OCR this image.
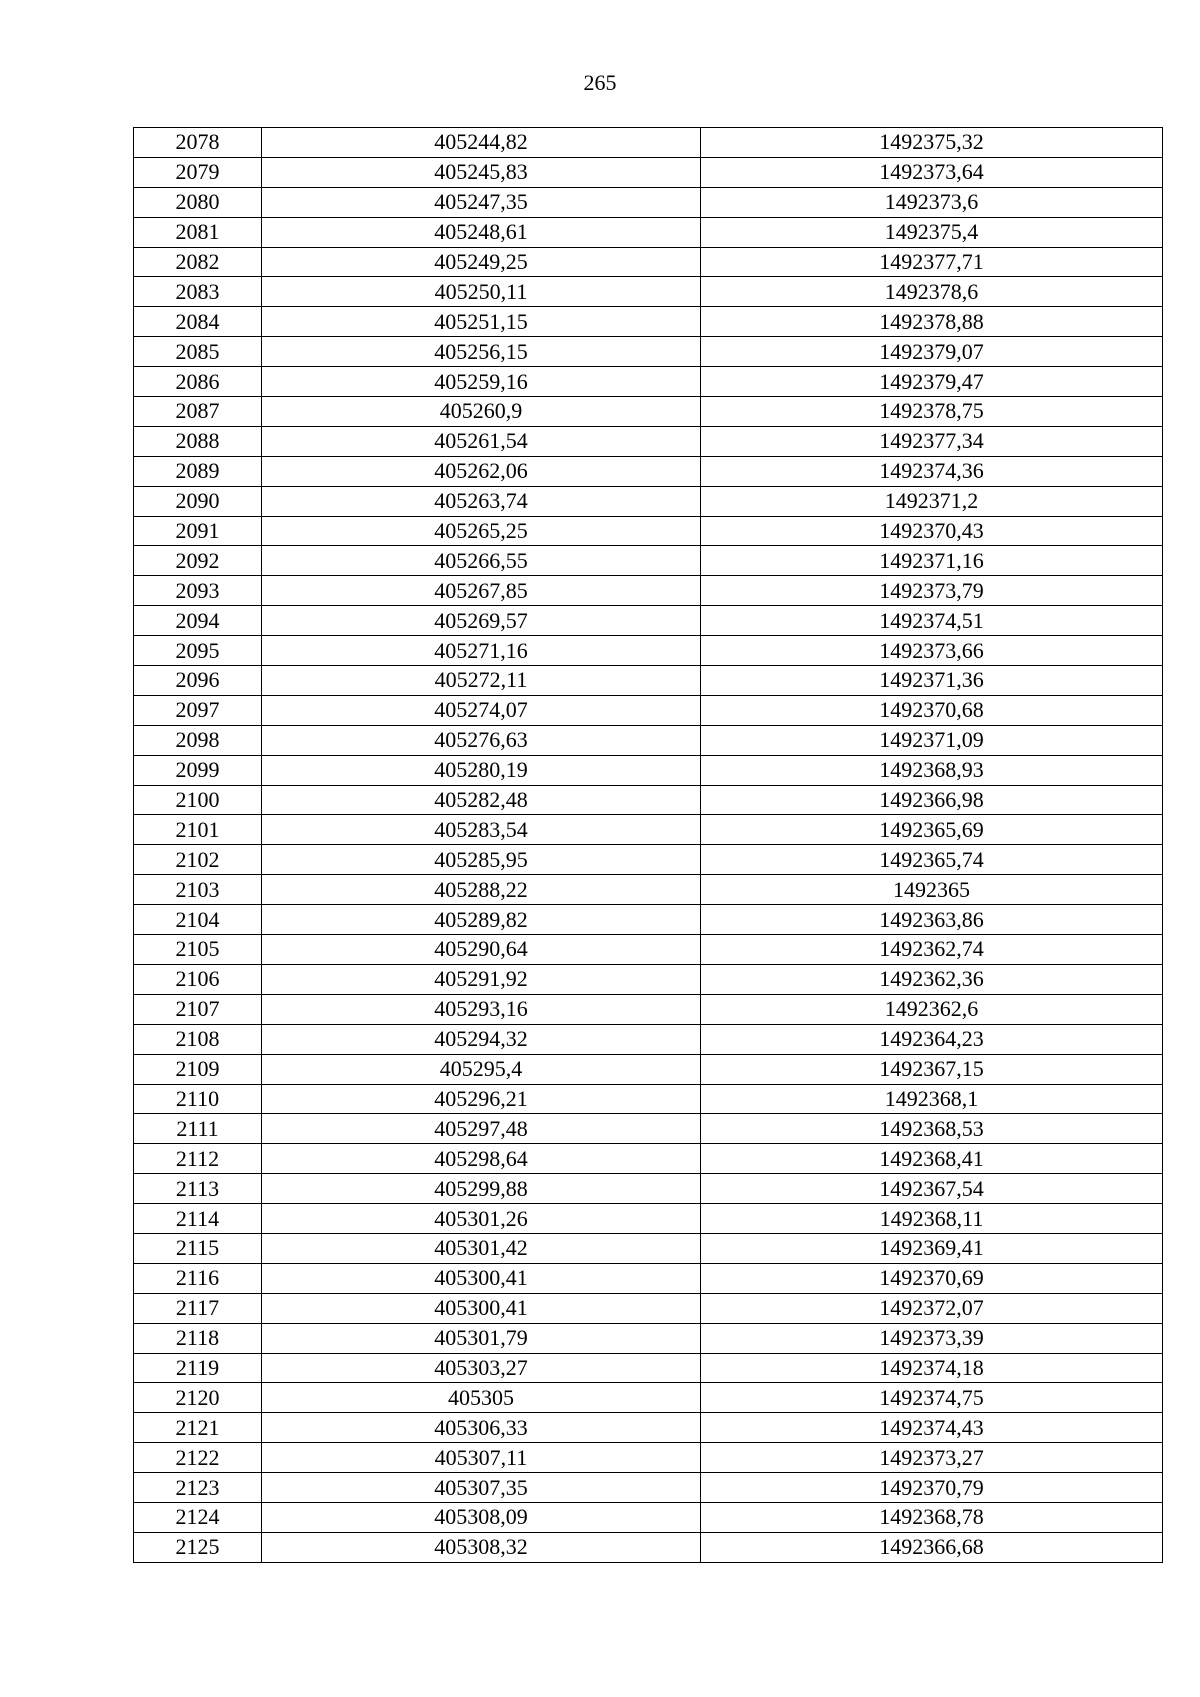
265
2078	405244,82	1492375,32
2079	405245,83	1492373,64
2080	405247,35	1492373,6
2081	405248,61	1492375,4
2082	405249,25	1492377,71
2083	405250,11	1492378,6
2084	405251,15	1492378,88
2085	405256,15	1492379,07
2086	405259,16	1492379,47
2087	405260,9	1492378,75
2088	405261,54	1492377,34
2089	405262,06	1492374,36
2090	405263,74	1492371,2
2091	405265,25	1492370,43
2092	405266,55	1492371,16
2093	405267,85	1492373,79
2094	405269,57	1492374,51
2095	405271,16	1492373,66
2096	405272,11	1492371,36
2097	405274,07	1492370,68
2098	405276,63	1492371,09
2099	405280,19	1492368,93
2100	405282,48	1492366,98
2101	405283,54	1492365,69
2102	405285,95	1492365,74
2103	405288,22	1492365
2104	405289,82	1492363,86
2105	405290,64	1492362,74
2106	405291,92	1492362,36
2107	405293,16	1492362,6
2108	405294,32	1492364,23
2109	405295,4	1492367,15
2110	405296,21	1492368,1
2111	405297,48	1492368,53
2112	405298,64	1492368,41
2113	405299,88	1492367,54
2114	405301,26	1492368,11
2115	405301,42	1492369,41
2116	405300,41	1492370,69
2117	405300,41	1492372,07
2118	405301,79	1492373,39
2119	405303,27	1492374,18
2120	405305	1492374,75
2121	405306,33	1492374,43
2122	405307,11	1492373,27
2123	405307,35	1492370,79
2124	405308,09	1492368,78
2125	405308,32	1492366,68
